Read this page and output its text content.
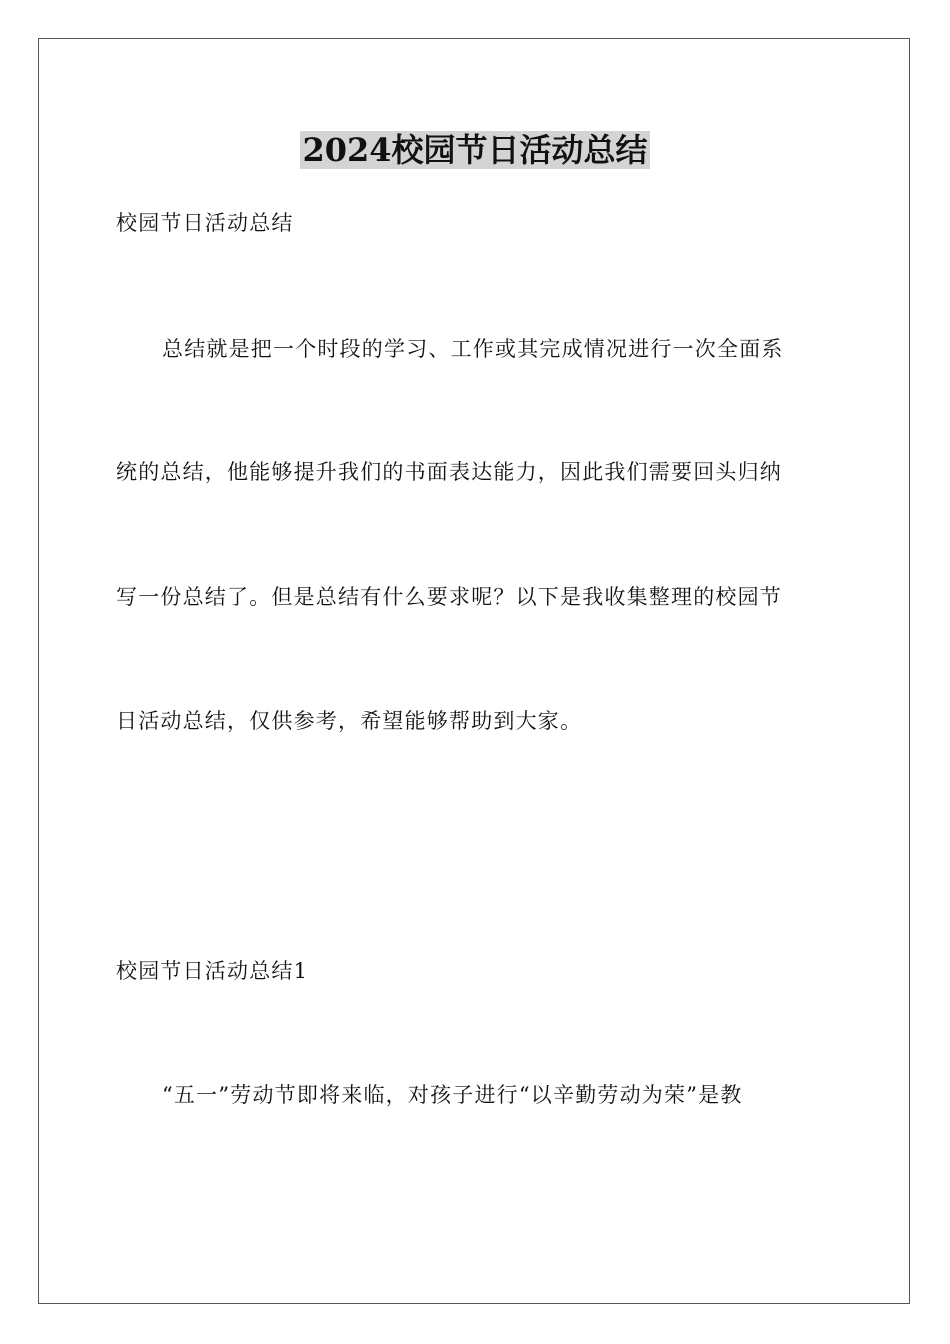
2024校园节日活动总结
校园节日活动总结
总结就是把一个时段的学习、工作或其完成情况进行一次全面系
统的总结，他能够提升我们的书面表达能力，因此我们需要回头归纳
写一份总结了。但是总结有什么要求呢？以下是我收集整理的校园节
日活动总结，仅供参考，希望能够帮助到大家。
校园节日活动总结1
“五一”劳动节即将来临，对孩子进行“以辛勤劳动为荣”是教
